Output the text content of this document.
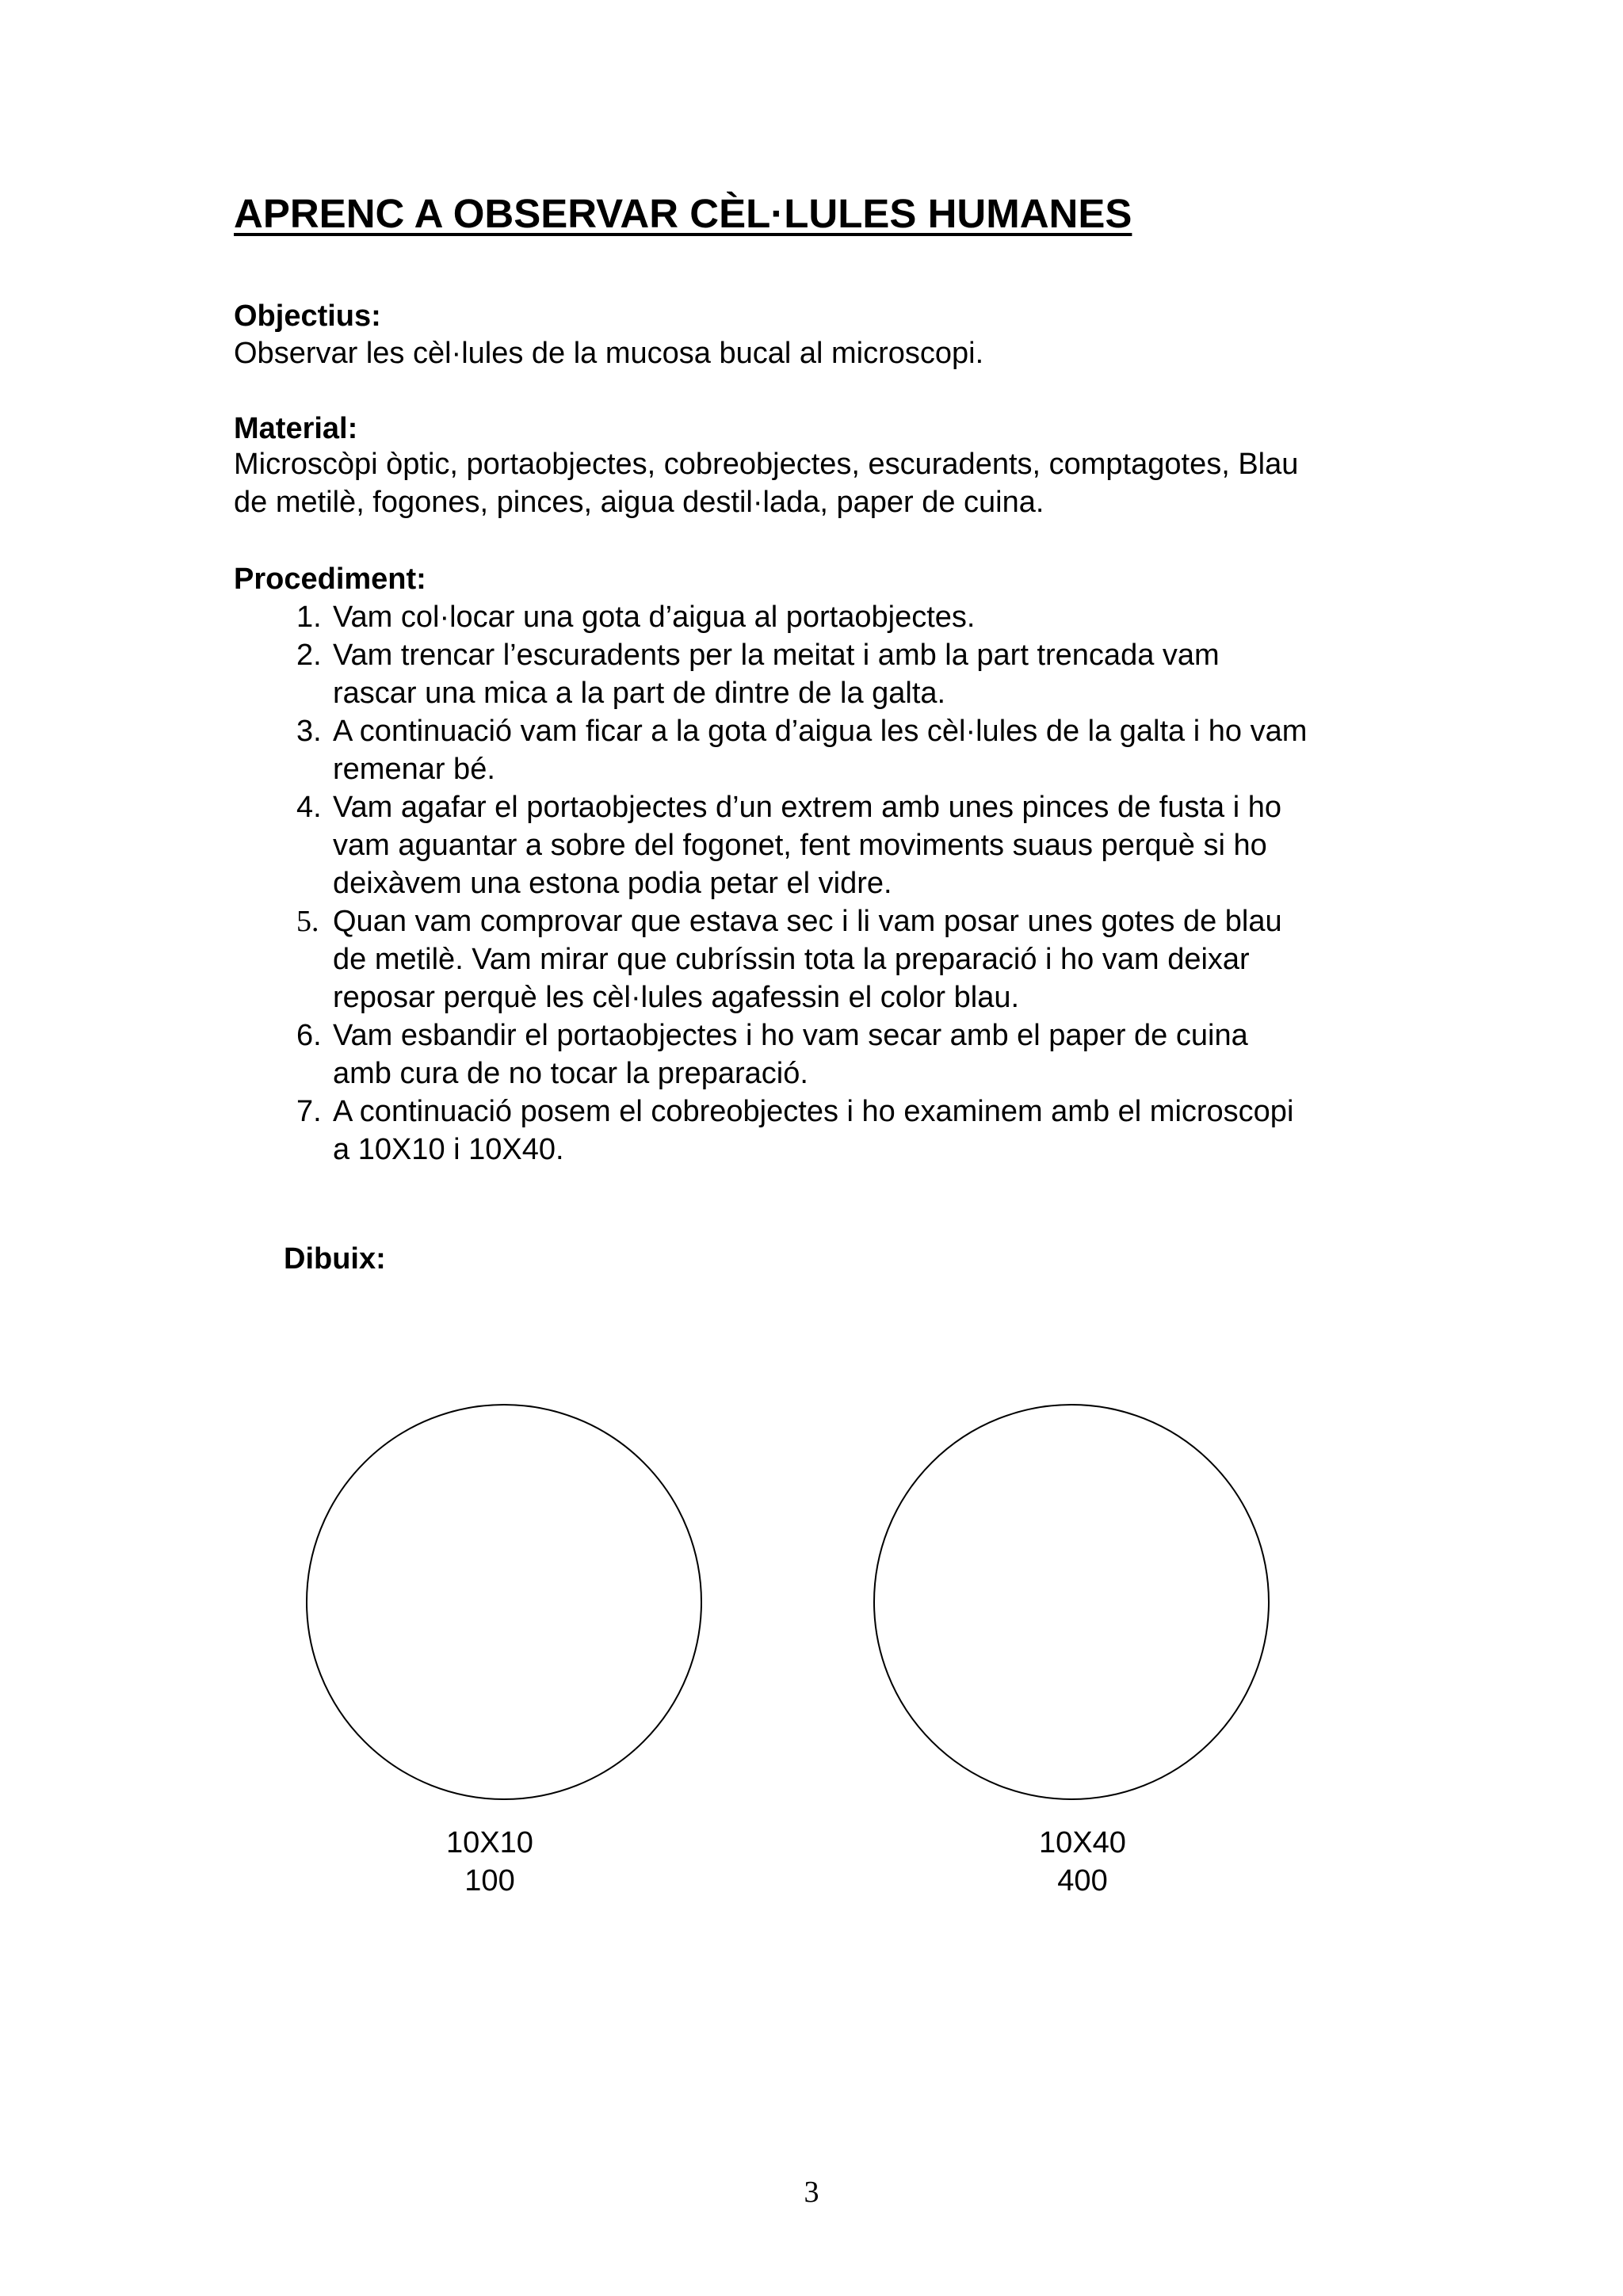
APRENC A OBSERVAR CÈL·LULES HUMANES
Objectius:
Observar les cèl·lules de la mucosa bucal al microscopi.
Material:
Microscòpi òptic, portaobjectes, cobreobjectes, escuradents, comptagotes, Blau
de metilè, fogones, pinces, aigua destil·lada, paper de cuina.
Procediment:
1. Vam col·locar una gota d’aigua al portaobjectes.
2. Vam trencar l’escuradents per la meitat i amb la part trencada vam
rascar una mica a la part de dintre de la galta.
3. A continuació vam ficar a la gota d’aigua les cèl·lules de la galta i ho vam
remenar bé.
4. Vam agafar el portaobjectes d’un extrem amb unes pinces de fusta i ho
vam aguantar a sobre del fogonet, fent moviments suaus perquè si ho
deixàvem una estona podia petar el vidre.
5. Quan vam comprovar que estava sec i li vam posar unes gotes de blau
de metilè. Vam mirar que cubríssin tota la preparació i ho vam deixar
reposar perquè les cèl·lules agafessin el color blau.
6. Vam esbandir el portaobjectes i ho vam secar amb el paper de cuina
amb cura de no tocar la preparació.
7. A continuació posem el cobreobjectes i ho examinem amb el microscopi
a 10X10 i 10X40.
Dibuix:
10X10
100
10X40
400
3
